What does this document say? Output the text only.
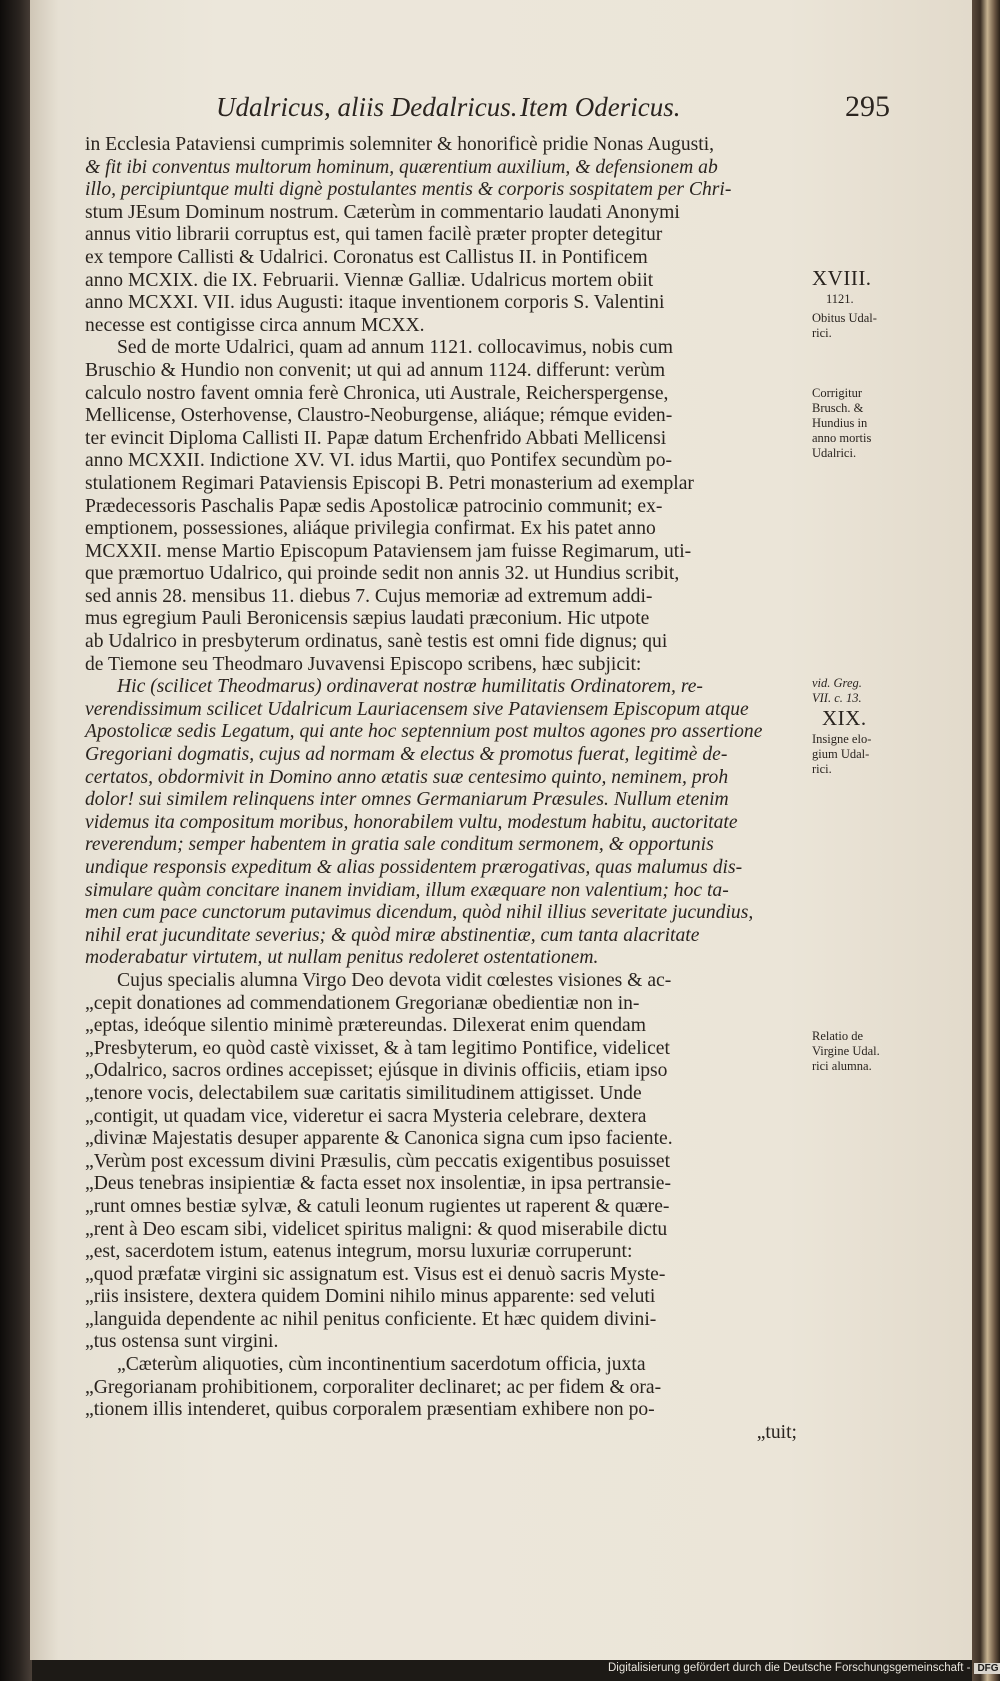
Udalricus, aliis Dedalricus. Item Odericus.	295
in Ecclesia Pataviensi cumprimis solemniter & honorificè pridie Nonas Augusti,
& fit ibi conventus multorum hominum, quærentium auxilium, & defensionem ab
illo, percipiuntque multi dignè postulantes mentis & corporis sospitatem per Chri-
stum JEsum Dominum nostrum. Cæterùm in commentario laudati Anonymi
annus vitio librarii corruptus est, qui tamen facilè præter propter detegitur
ex tempore Callisti & Udalrici. Coronatus est Callistus II. in Pontificem
anno MCXIX. die IX. Februarii. Viennæ Galliæ. Udalricus mortem obiit
anno MCXXI. VII. idus Augusti: itaque inventionem corporis S. Valentini
necesse est contigisse circa annum MCXX.
Sed de morte Udalrici, quam ad annum 1121. collocavimus, nobis cum
Bruschio & Hundio non convenit; ut qui ad annum 1124. differunt: verùm
calculo nostro favent omnia ferè Chronica, uti Australe, Reicherspergense,
Mellicense, Osterhovense, Claustro-Neoburgense, aliáque; rémque eviden-
ter evincit Diploma Callisti II. Papæ datum Erchenfrido Abbati Mellicensi
anno MCXXII. Indictione XV. VI. idus Martii, quo Pontifex secundùm po-
stulationem Regimari Pataviensis Episcopi B. Petri monasterium ad exemplar
Prædecessoris Paschalis Papæ sedis Apostolicæ patrocinio communit; ex-
emptionem, possessiones, aliáque privilegia confirmat. Ex his patet anno
MCXXII. mense Martio Episcopum Pataviensem jam fuisse Regimarum, uti-
que præmortuo Udalrico, qui proinde sedit non annis 32. ut Hundius scribit,
sed annis 28. mensibus 11. diebus 7. Cujus memoriæ ad extremum addi-
mus egregium Pauli Beronicensis sæpius laudati præconium. Hic utpote
ab Udalrico in presbyterum ordinatus, sanè testis est omni fide dignus; qui
de Tiemone seu Theodmaro Juvavensi Episcopo scribens, hæc subjicit:
Hic (scilicet Theodmarus) ordinaverat nostræ humilitatis Ordinatorem, re-
verendissimum scilicet Udalricum Lauriacensem sive Pataviensem Episcopum atque
Apostolicæ sedis Legatum, qui ante hoc septennium post multos agones pro assertione
Gregoriani dogmatis, cujus ad normam & electus & promotus fuerat, legitimè de-
certatos, obdormivit in Domino anno ætatis suæ centesimo quinto, neminem, proh
dolor! sui similem relinquens inter omnes Germaniarum Præsules. Nullum etenim
videmus ita compositum moribus, honorabilem vultu, modestum habitu, auctoritate
reverendum; semper habentem in gratia sale conditum sermonem, & opportunis
undique responsis expeditum & alias possidentem prærogativas, quas malumus dis-
simulare quàm concitare inanem invidiam, illum exæquare non valentium; hoc ta-
men cum pace cunctorum putavimus dicendum, quòd nihil illius severitate jucundius,
nihil erat jucunditate severius; & quòd miræ abstinentiæ, cum tanta alacritate
moderabatur virtutem, ut nullam penitus redoleret ostentationem.
Cujus specialis alumna Virgo Deo devota vidit cœlestes visiones & ac-
„cepit donationes ad commendationem Gregorianæ obedientiæ non in-
„eptas, ideóque silentio minimè prætereundas. Dilexerat enim quendam
„Presbyterum, eo quòd castè vixisset, & à tam legitimo Pontifice, videlicet
„Odalrico, sacros ordines accepisset; ejúsque in divinis officiis, etiam ipso
„tenore vocis, delectabilem suæ caritatis similitudinem attigisset. Unde
„contigit, ut quadam vice, videretur ei sacra Mysteria celebrare, dextera
„divinæ Majestatis desuper apparente & Canonica signa cum ipso faciente.
„Verùm post excessum divini Præsulis, cùm peccatis exigentibus posuisset
„Deus tenebras insipientiæ & facta esset nox insolentiæ, in ipsa pertransie-
„runt omnes bestiæ sylvæ, & catuli leonum rugientes ut raperent & quære-
„rent à Deo escam sibi, videlicet spiritus maligni: & quod miserabile dictu
„est, sacerdotem istum, eatenus integrum, morsu luxuriæ corruperunt:
„quod præfatæ virgini sic assignatum est. Visus est ei denuò sacris Myste-
„riis insistere, dextera quidem Domini nihilo minus apparente: sed veluti
„languida dependente ac nihil penitus conficiente. Et hæc quidem divini-
„tus ostensa sunt virgini.
„Cæterùm aliquoties, cùm incontinentium sacerdotum officia, juxta
„Gregorianam prohibitionem, corporaliter declinaret; ac per fidem & ora-
„tionem illis intenderet, quibus corporalem præsentiam exhibere non po-
„tuit;
XVIII.
1121.
Obitus Udal-
rici.
Corrigitur
Brusch. &
Hundius in
anno mortis
Udalrici.
vid. Greg.
VII. c. 13.
XIX.
Insigne elo-
gium Udal-
rici.
Relatio de
Virgine Udal.
rici alumna.
Digitalisierung gefördert durch die Deutsche Forschungsgemeinschaft - DFG
